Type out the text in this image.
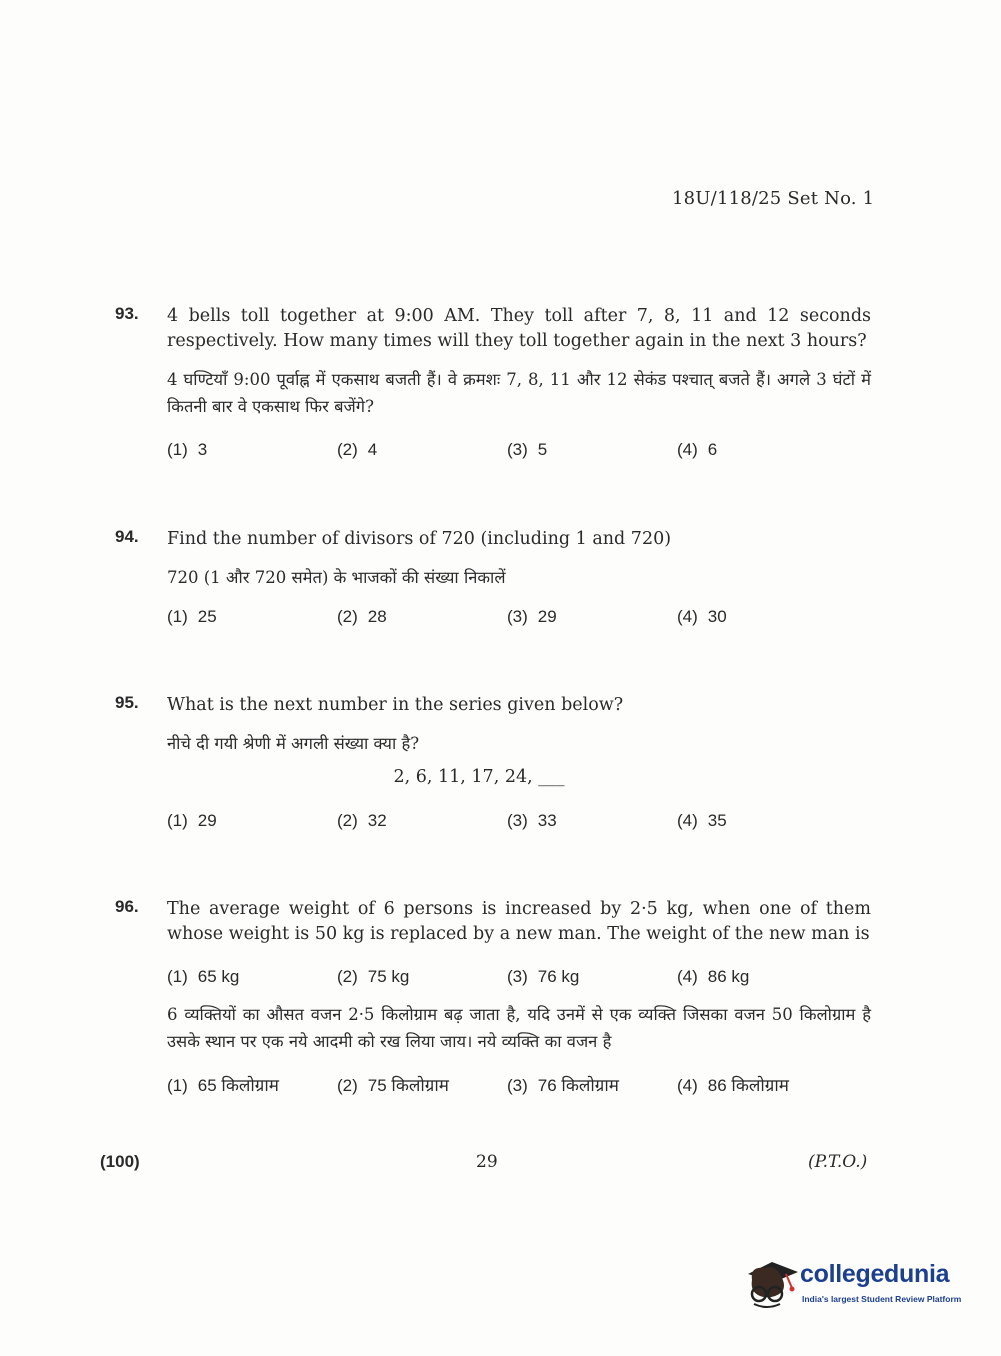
18U/118/25 Set No. 1
93. 4 bells toll together at 9:00 AM. They toll after 7, 8, 11 and 12 seconds respectively. How many times will they toll together again in the next 3 hours?

4 घण्टियाँ 9:00 पूर्वाह्न में एकसाथ बजती हैं। वे क्रमशः 7, 8, 11 और 12 सेकंड पश्चात् बजते हैं। अगले 3 घंटों में कितनी बार वे एकसाथ फिर बजेंगे?

(1) 3	(2) 4	(3) 5	(4) 6
94. Find the number of divisors of 720 (including 1 and 720)

720 (1 और 720 समेत) के भाजकों की संख्या निकालें

(1) 25	(2) 28	(3) 29	(4) 30
95. What is the next number in the series given below?

नीचे दी गयी श्रेणी में अगली संख्या क्या है?

2, 6, 11, 17, 24, ___

(1) 29	(2) 32	(3) 33	(4) 35
96. The average weight of 6 persons is increased by 2·5 kg, when one of them whose weight is 50 kg is replaced by a new man. The weight of the new man is

(1) 65 kg	(2) 75 kg	(3) 76 kg	(4) 86 kg

6 व्यक्तियों का औसत वजन 2·5 किलोग्राम बढ़ जाता है, यदि उनमें से एक व्यक्ति जिसका वजन 50 किलोग्राम है उसके स्थान पर एक नये आदमी को रख लिया जाय। नये व्यक्ति का वजन है

(1) 65 किलोग्राम	(2) 75 किलोग्राम	(3) 76 किलोग्राम	(4) 86 किलोग्राम
(100)	29	(P.T.O.)
collegedunia
India's largest Student Review Platform
